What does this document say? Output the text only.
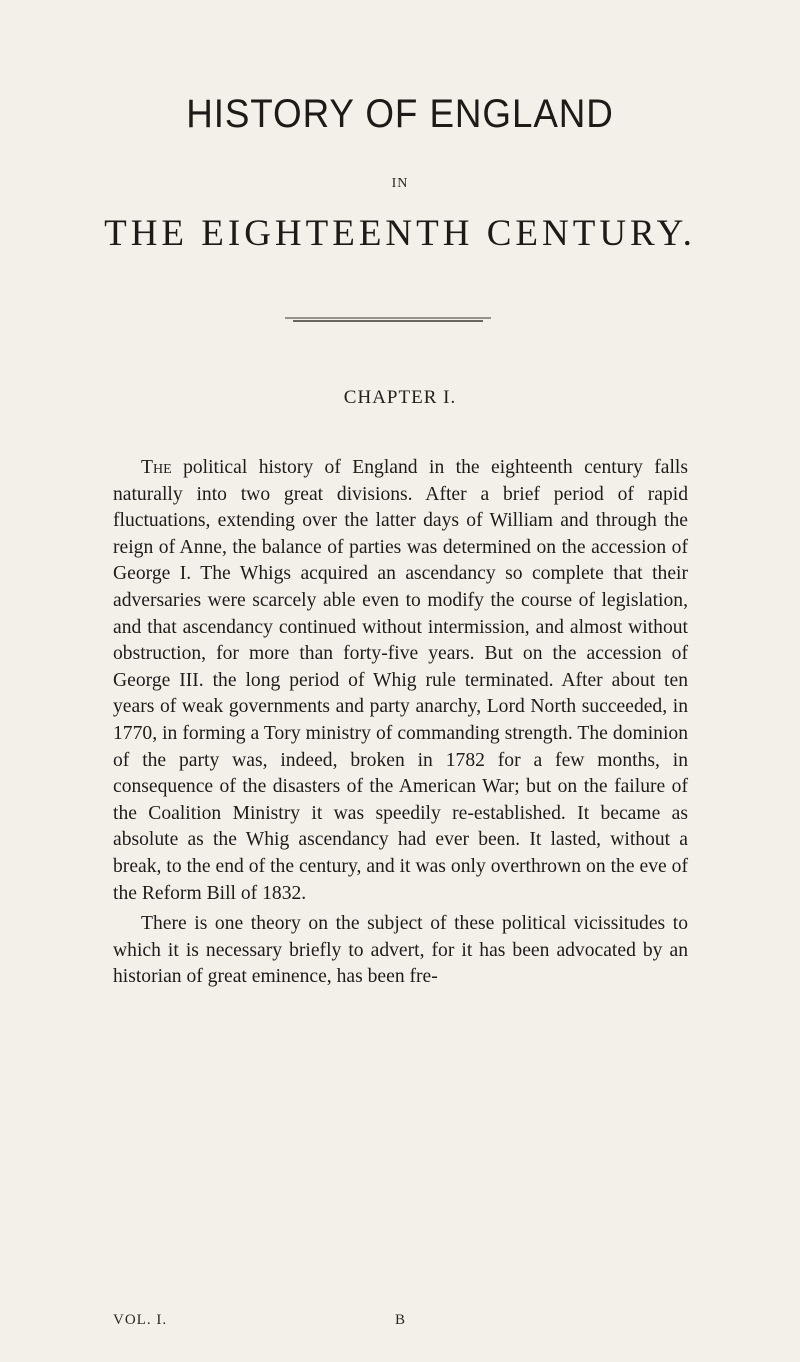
HISTORY OF ENGLAND
IN
THE EIGHTEENTH CENTURY.
CHAPTER I.

The political history of England in the eighteenth century falls naturally into two great divisions. After a brief period of rapid fluctuations, extending over the latter days of William and through the reign of Anne, the balance of parties was determined on the accession of George I. The Whigs acquired an ascendancy so complete that their adversaries were scarcely able even to modify the course of legislation, and that ascendancy continued without intermission, and almost without obstruction, for more than forty-five years. But on the accession of George III. the long period of Whig rule terminated. After about ten years of weak governments and party anarchy, Lord North succeeded, in 1770, in forming a Tory ministry of commanding strength. The dominion of the party was, indeed, broken in 1782 for a few months, in consequence of the disasters of the American War; but on the failure of the Coalition Ministry it was speedily re-established. It became as absolute as the Whig ascendancy had ever been. It lasted, without a break, to the end of the century, and it was only overthrown on the eve of the Reform Bill of 1832.

There is one theory on the subject of these political vicissitudes to which it is necessary briefly to advert, for it has been advocated by an historian of great eminence, has been fre-

VOL. I.	B
